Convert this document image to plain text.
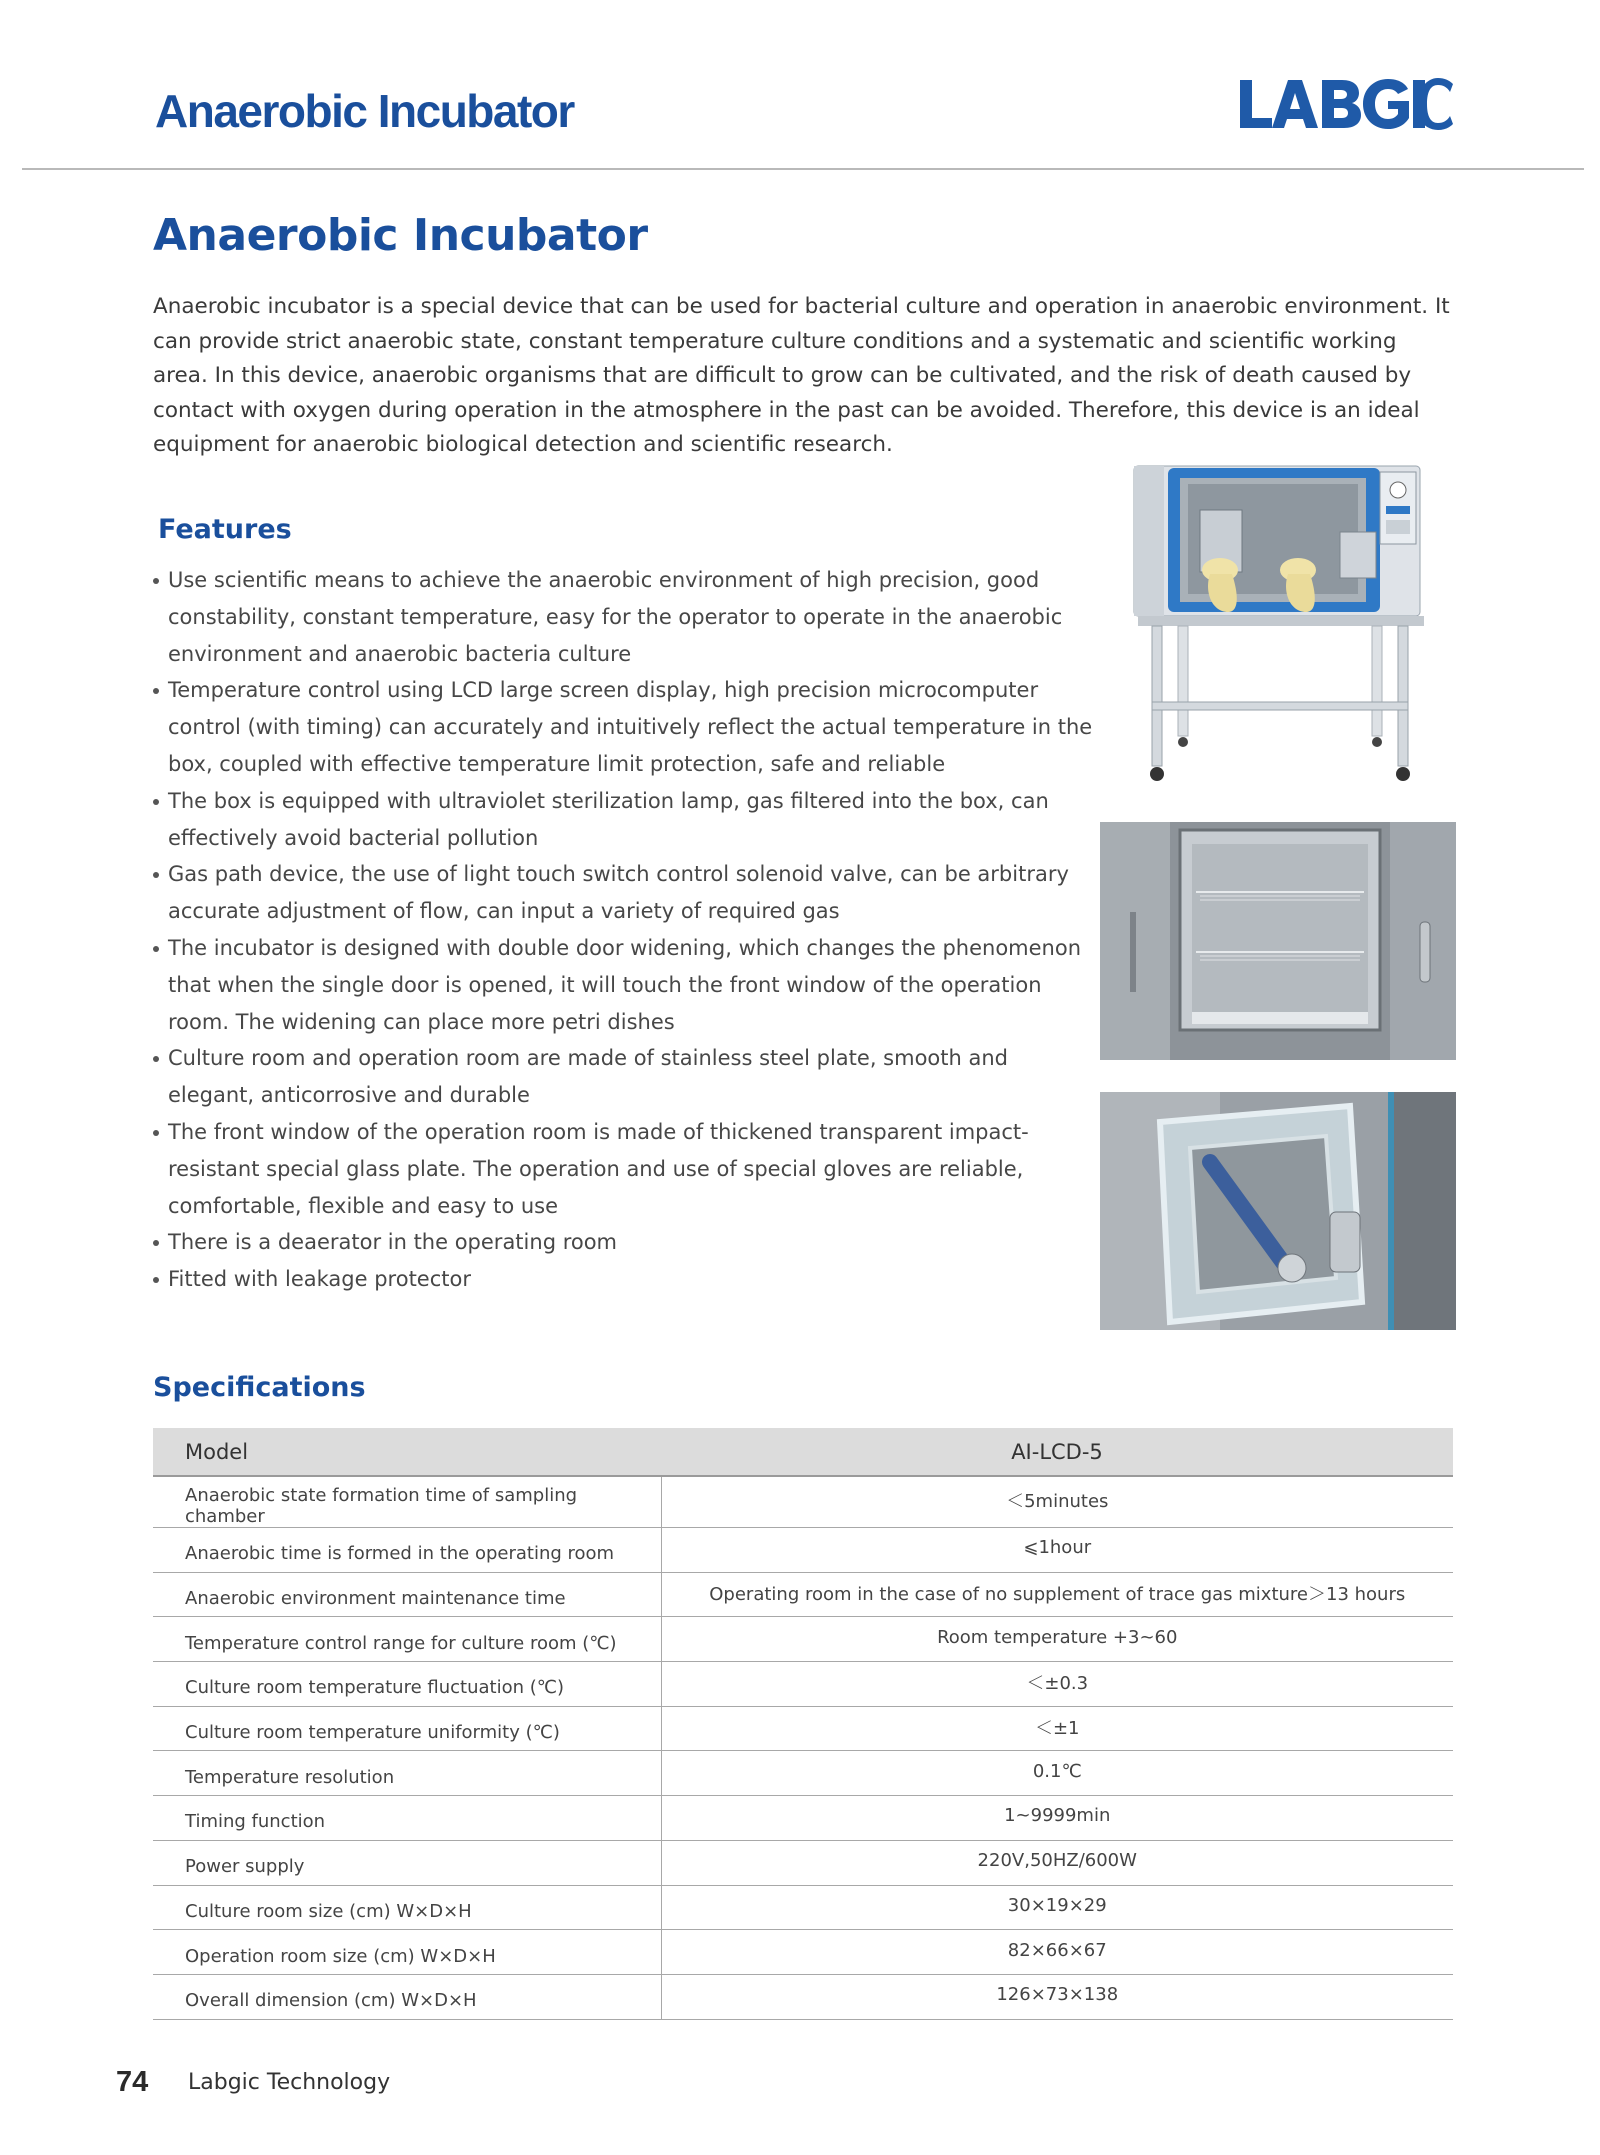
Anaerobic Incubator
Anaerobic Incubator

Anaerobic incubator is a special device that can be used for bacterial culture and operation in anaerobic environment. It can provide strict anaerobic state, constant temperature culture conditions and a systematic and scientific working area. In this device, anaerobic organisms that are difficult to grow can be cultivated, and the risk of death caused by contact with oxygen during operation in the atmosphere in the past can be avoided. Therefore, this device is an ideal equipment for anaerobic biological detection and scientific research.

Features
Use scientific means to achieve the anaerobic environment of high precision, good constability, constant temperature, easy for the operator to operate in the anaerobic environment and anaerobic bacteria culture
Temperature control using LCD large screen display, high precision microcomputer control (with timing) can accurately and intuitively reflect the actual temperature in the box, coupled with effective temperature limit protection, safe and reliable
The box is equipped with ultraviolet sterilization lamp, gas filtered into the box, can effectively avoid bacterial pollution
Gas path device, the use of light touch switch control solenoid valve, can be arbitrary accurate adjustment of flow, can input a variety of required gas
The incubator is designed with double door widening, which changes the phenomenon that when the single door is opened, it will touch the front window of the operation room. The widening can place more petri dishes
Culture room and operation room are made of stainless steel plate, smooth and elegant, anticorrosive and durable
The front window of the operation room is made of thickened transparent impact-resistant special glass plate. The operation and use of special gloves are reliable, comfortable, flexible and easy to use
There is a deaerator in the operating room
Fitted with leakage protector
Specifications
Model	AI-LCD-5
Anaerobic state formation time of sampling chamber	＜5minutes
Anaerobic time is formed in the operating room	⩽1hour
Anaerobic environment maintenance time	Operating room in the case of no supplement of trace gas mixture＞13 hours
Temperature control range for culture room (℃)	Room temperature +3~60
Culture room temperature fluctuation (℃)	＜±0.3
Culture room temperature uniformity (℃)	＜±1
Temperature resolution	0.1℃
Timing function	1~9999min
Power supply	220V,50HZ/600W
Culture room size (cm) W×D×H	30×19×29
Operation room size (cm) W×D×H	82×66×67
Overall dimension (cm) W×D×H	126×73×138
74 Labgic Technology
